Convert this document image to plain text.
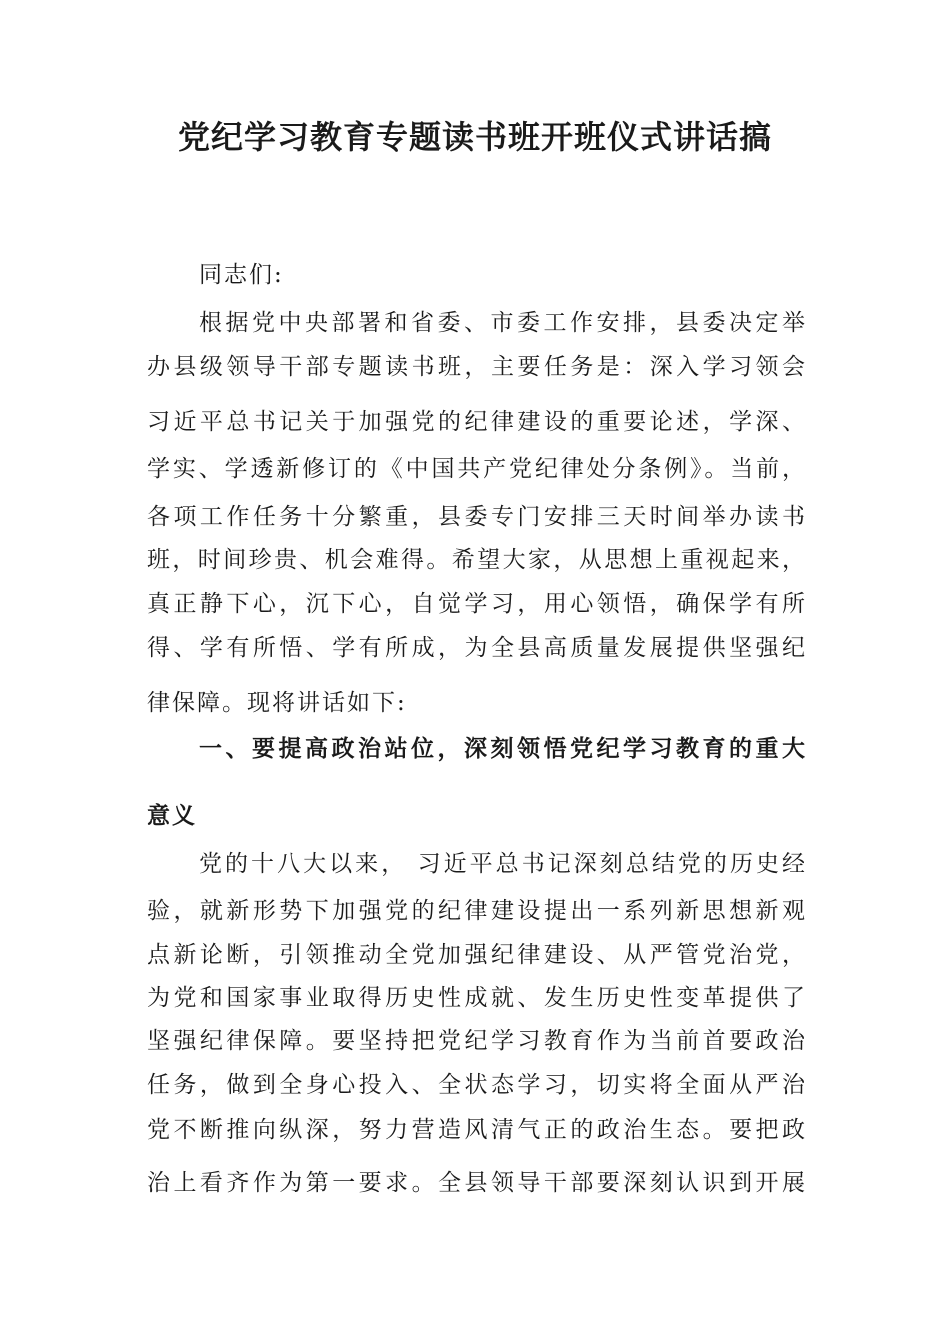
党纪学习教育专题读书班开班仪式讲话搞
同志们:
根据党中央部署和省委、市委工作安排，县委决定举
办县级领导干部专题读书班，主要任务是：深入学习领会
习近平总书记关于加强党的纪律建设的重要论述，学深、
学实、学透新修订的《中国共产党纪律处分条例》。当前，
各项工作任务十分繁重，县委专门安排三天时间举办读书
班，时间珍贵、机会难得。希望大家，从思想上重视起来，
真正静下心，沉下心，自觉学习，用心领悟，确保学有所
得、学有所悟、学有所成，为全县高质量发展提供坚强纪
律保障。现将讲话如下:
一、要提高政治站位，深刻领悟党纪学习教育的重大
意义
党的十八大以来， 习近平总书记深刻总结党的历史经
验，就新形势下加强党的纪律建设提出一系列新思想新观
点新论断，引领推动全党加强纪律建设、从严管党治党，
为党和国家事业取得历史性成就、发生历史性变革提供了
坚强纪律保障。要坚持把党纪学习教育作为当前首要政治
任务，做到全身心投入、全状态学习，切实将全面从严治
党不断推向纵深，努力营造风清气正的政治生态。要把政
治上看齐作为第一要求。全县领导干部要深刻认识到开展
